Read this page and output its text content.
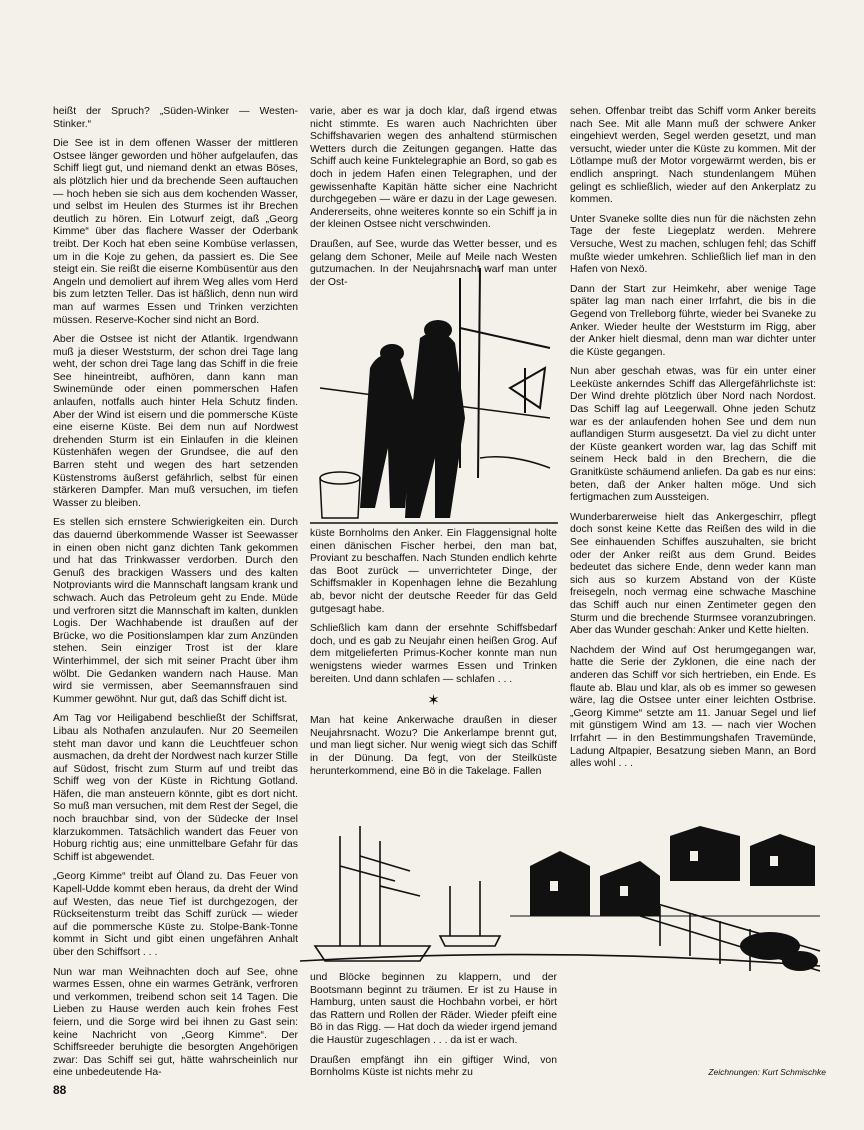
heißt der Spruch? „Süden-Winker — Westen-Stinker.“

Die See ist in dem offenen Wasser der mittleren Ostsee länger geworden und höher aufgelaufen, das Schiff liegt gut, und niemand denkt an etwas Böses, als plötzlich hier und da brechende Seen auftauchen — hoch heben sie sich aus dem kochenden Wasser, und selbst im Heulen des Sturmes ist ihr Brechen deutlich zu hören. Ein Lotwurf zeigt, daß „Georg Kimme“ über das flachere Wasser der Oderbank treibt. Der Koch hat eben seine Kombüse verlassen, um in die Koje zu gehen, da passiert es. Die See steigt ein. Sie reißt die eiserne Kombüsentür aus den Angeln und demoliert auf ihrem Weg alles vom Herd bis zum letzten Teller. Das ist häßlich, denn nun wird man auf warmes Essen und Trinken verzichten müssen. Reserve-Kocher sind nicht an Bord.

Aber die Ostsee ist nicht der Atlantik. Irgendwann muß ja dieser Weststurm, der schon drei Tage lang weht, der schon drei Tage lang das Schiff in die freie See hineintreibt, aufhören, dann kann man Swinemünde oder einen pommerschen Hafen anlaufen, notfalls auch hinter Hela Schutz finden. Aber der Wind ist eisern und die pommersche Küste eine eiserne Küste. Bei dem nun auf Nordwest drehenden Sturm ist ein Einlaufen in die kleinen Küstenhäfen wegen der Grundsee, die auf den Barren steht und wegen des hart setzenden Küstenstroms äußerst gefährlich, selbst für einen stärkeren Dampfer. Man muß versuchen, im tiefen Wasser zu bleiben.

Es stellen sich ernstere Schwierigkeiten ein. Durch das dauernd überkommende Wasser ist Seewasser in einen oben nicht ganz dichten Tank gekommen und hat das Trinkwasser verdorben. Durch den Genuß des brackigen Wassers und des kalten Notproviants wird die Mannschaft langsam krank und schwach. Auch das Petroleum geht zu Ende. Müde und verfroren sitzt die Mannschaft im kalten, dunklen Logis. Der Wachhabende ist draußen auf der Brücke, wo die Positionslampen klar zum Anzünden stehen. Sein einziger Trost ist der klare Winterhimmel, der sich mit seiner Pracht über ihm wölbt. Die Gedanken wandern nach Hause. Man wird sie vermissen, aber Seemannsfrauen sind Kummer gewöhnt. Nur gut, daß das Schiff dicht ist.

Am Tag vor Heiligabend beschließt der Schiffsrat, Libau als Nothafen anzulaufen. Nur 20 Seemeilen steht man davor und kann die Leuchtfeuer schon ausmachen, da dreht der Nordwest nach kurzer Stille auf Südost, frischt zum Sturm auf und treibt das Schiff weg von der Küste in Richtung Gotland. Häfen, die man ansteuern könnte, gibt es dort nicht. So muß man versuchen, mit dem Rest der Segel, die noch brauchbar sind, von der Südecke der Insel klarzukommen. Tatsächlich wandert das Feuer von Hoburg richtig aus; eine unmittelbare Gefahr für das Schiff ist abgewendet.

„Georg Kimme“ treibt auf Öland zu. Das Feuer von Kapell-Udde kommt eben heraus, da dreht der Wind auf Westen, das neue Tief ist durchgezogen, der Rückseitensturm treibt das Schiff zurück — wieder auf die pommersche Küste zu. Stolpe-Bank-Tonne kommt in Sicht und gibt einen ungefähren Anhalt über den Schiffsort . . .

Nun war man Weihnachten doch auf See, ohne warmes Essen, ohne ein warmes Getränk, verfroren und verkommen, treibend schon seit 14 Tagen. Die Lieben zu Hause werden auch kein frohes Fest feiern, und die Sorge wird bei ihnen zu Gast sein: keine Nachricht von „Georg Kimme“. Der Schiffsreeder beruhigte die besorgten Angehörigen zwar: Das Schiff sei gut, hätte wahrscheinlich nur eine unbedeutende Ha-

varie, aber es war ja doch klar, daß irgend etwas nicht stimmte. Es waren auch Nachrichten über Schiffshavarien wegen des anhaltend stürmischen Wetters durch die Zeitungen gegangen. Hatte das Schiff auch keine Funktelegraphie an Bord, so gab es doch in jedem Hafen einen Telegraphen, und der gewissenhafte Kapitän hätte sicher eine Nachricht durchgegeben — wäre er dazu in der Lage gewesen. Andererseits, ohne weiteres konnte so ein Schiff ja in der kleinen Ostsee nicht verschwinden.

Draußen, auf See, wurde das Wetter besser, und es gelang dem Schoner, Meile auf Meile nach Westen gutzumachen. In der Neujahrsnacht warf man unter der Ost-

küste Bornholms den Anker. Ein Flaggensignal holte einen dänischen Fischer herbei, den man bat, Proviant zu beschaffen. Nach Stunden endlich kehrte das Boot zurück — unverrichteter Dinge, der Schiffsmakler in Kopenhagen lehne die Bezahlung ab, bevor nicht der deutsche Reeder für das Geld gutgesagt habe.

Schließlich kam dann der ersehnte Schiffsbedarf doch, und es gab zu Neujahr einen heißen Grog. Auf dem mitgelieferten Primus-Kocher konnte man nun wenigstens wieder warmes Essen und Trinken bereiten. Und dann schlafen — schlafen . . .

✶

Man hat keine Ankerwache draußen in dieser Neujahrsnacht. Wozu? Die Ankerlampe brennt gut, und man liegt sicher. Nur wenig wiegt sich das Schiff in der Dünung. Da fegt, von der Steilküste herunterkommend, eine Bö in die Takelage. Fallen

sehen. Offenbar treibt das Schiff vorm Anker bereits nach See. Mit alle Mann muß der schwere Anker eingehievt werden, Segel werden gesetzt, und man versucht, wieder unter die Küste zu kommen. Mit der Lötlampe muß der Motor vorgewärmt werden, bis er endlich anspringt. Nach stundenlangem Mühen gelingt es schließlich, wieder auf den Ankerplatz zu kommen.

Unter Svaneke sollte dies nun für die nächsten zehn Tage der feste Liegeplatz werden. Mehrere Versuche, West zu machen, schlugen fehl; das Schiff mußte wieder umkehren. Schließlich lief man in den Hafen von Nexö.

Dann der Start zur Heimkehr, aber wenige Tage später lag man nach einer Irrfahrt, die bis in die Gegend von Trelleborg führte, wieder bei Svaneke zu Anker. Wieder heulte der Weststurm im Rigg, aber der Anker hielt diesmal, denn man war dichter unter die Küste gegangen.

Nun aber geschah etwas, was für ein unter einer Leeküste ankerndes Schiff das Allergefährlichste ist: Der Wind drehte plötzlich über Nord nach Nordost. Das Schiff lag auf Leegerwall. Ohne jeden Schutz war es der anlaufenden hohen See und dem nun auflandigen Sturm ausgesetzt. Da viel zu dicht unter der Küste geankert worden war, lag das Schiff mit seinem Heck bald in den Brechern, die die Granitküste schäumend anliefen. Da gab es nur eins: beten, daß der Anker halten möge. Und sich fertigmachen zum Aussteigen.

Wunderbarerweise hielt das Ankergeschirr, pflegt doch sonst keine Kette das Reißen des wild in die See einhauenden Schiffes auszuhalten, sie bricht oder der Anker reißt aus dem Grund. Beides bedeutet das sichere Ende, denn weder kann man sich aus so kurzem Abstand von der Küste freisegeln, noch vermag eine schwache Maschine das Schiff auch nur einen Zentimeter gegen den Sturm und die brechende Sturmsee voranzubringen. Aber das Wunder geschah: Anker und Kette hielten.

Nachdem der Wind auf Ost herumgegangen war, hatte die Serie der Zyklonen, die eine nach der anderen das Schiff vor sich hertrieben, ein Ende. Es flaute ab. Blau und klar, als ob es immer so gewesen wäre, lag die Ostsee unter einer leichten Ostbrise. „Georg Kimme“ setzte am 11. Januar Segel und lief mit günstigem Wind am 13. — nach vier Wochen Irrfahrt — in den Bestimmungshafen Travemünde, Ladung Altpapier, Besatzung sieben Mann, an Bord alles wohl . . .

und Blöcke beginnen zu klappern, und der Bootsmann beginnt zu träumen. Er ist zu Hause in Hamburg, unten saust die Hochbahn vorbei, er hört das Rattern und Rollen der Räder. Wieder pfeift eine Bö in das Rigg. — Hat doch da wieder irgend jemand die Haustür zugeschlagen . . . da ist er wach.

Draußen empfängt ihn ein giftiger Wind, von Bornholms Küste ist nichts mehr zu	Zeichnungen: Kurt Schmischke
88
